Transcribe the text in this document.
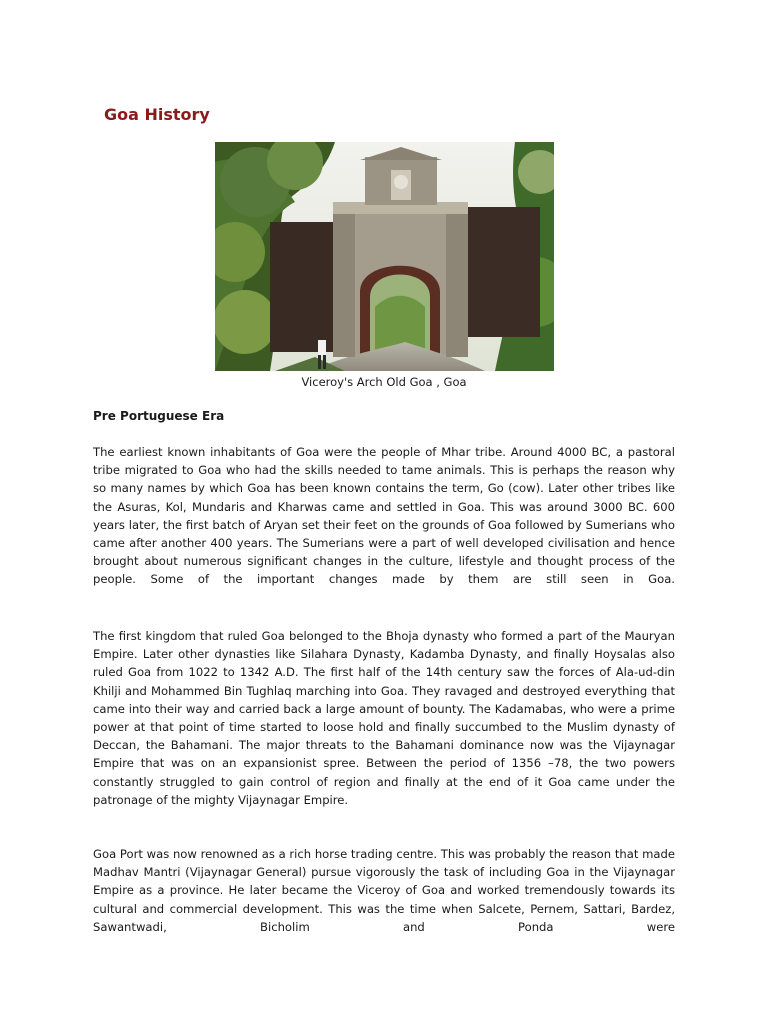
Goa History
Viceroy's Arch Old Goa , Goa
Pre Portuguese Era

The earliest known inhabitants of Goa were the people of Mhar tribe. Around 4000 BC, a pastoral tribe migrated to Goa who had the skills needed to tame animals. This is perhaps the reason why so many names by which Goa has been known contains the term, Go (cow). Later other tribes like the Asuras, Kol, Mundaris and Kharwas came and settled in Goa. This was around 3000 BC. 600 years later, the first batch of Aryan set their feet on the grounds of Goa followed by Sumerians who came after another 400 years. The Sumerians were a part of well developed civilisation and hence brought about numerous significant changes in the culture, lifestyle and thought process of the people. Some of the important changes made by them are still seen in Goa.

The first kingdom that ruled Goa belonged to the Bhoja dynasty who formed a part of the Mauryan Empire. Later other dynasties like Silahara Dynasty, Kadamba Dynasty, and finally Hoysalas also ruled Goa from 1022 to 1342 A.D. The first half of the 14th century saw the forces of Ala-ud-din Khilji and Mohammed Bin Tughlaq marching into Goa. They ravaged and destroyed everything that came into their way and carried back a large amount of bounty. The Kadamabas, who were a prime power at that point of time started to loose hold and finally succumbed to the Muslim dynasty of Deccan, the Bahamani. The major threats to the Bahamani dominance now was the Vijaynagar Empire that was on an expansionist spree. Between the period of 1356 –78, the two powers constantly struggled to gain control of region and finally at the end of it Goa came under the patronage of the mighty Vijaynagar Empire.

Goa Port was now renowned as a rich horse trading centre. This was probably the reason that made Madhav Mantri (Vijaynagar General) pursue vigorously the task of including Goa in the Vijaynagar Empire as a province. He later became the Viceroy of Goa and worked tremendously towards its cultural and commercial development. This was the time when Salcete, Pernem, Sattari, Bardez, Sawantwadi, Bicholim and Ponda were
